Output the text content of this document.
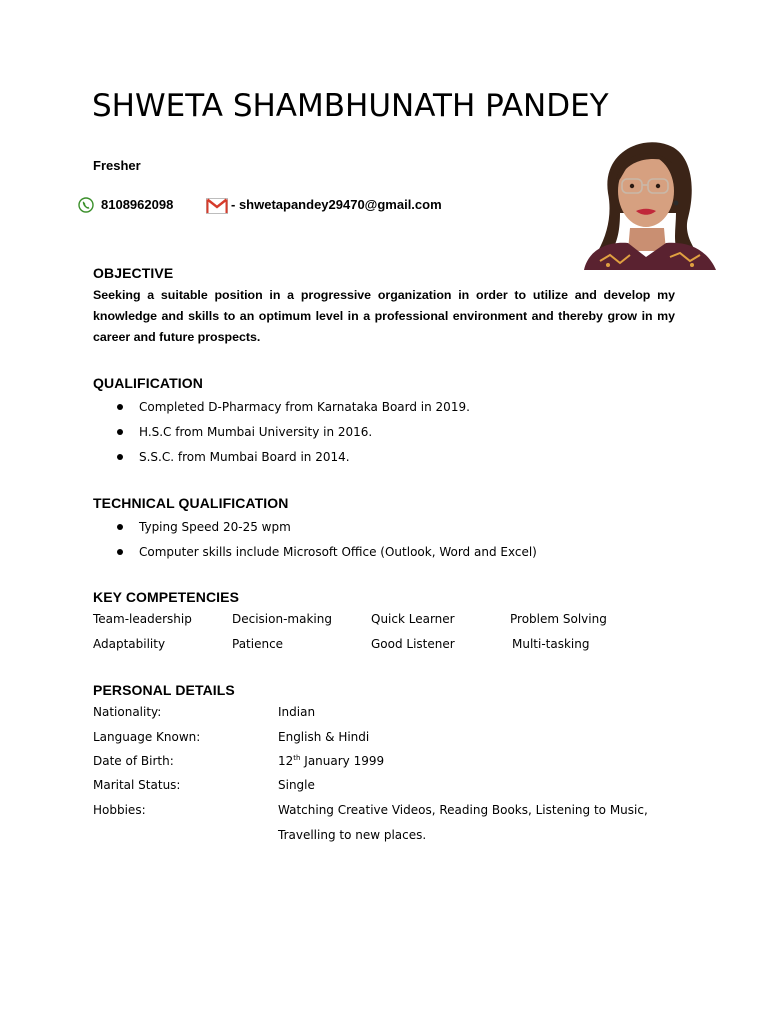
SHWETA SHAMBHUNATH PANDEY
Fresher
8108962098	- shwetapandey29470@gmail.com
OBJECTIVE
Seeking a suitable position in a progressive organization in order to utilize and develop my knowledge and skills to an optimum level in a professional environment and thereby grow in my career and future prospects.
QUALIFICATION
Completed D-Pharmacy from Karnataka Board in 2019.
H.S.C from Mumbai University in 2016.
S.S.C. from Mumbai Board in 2014.
TECHNICAL QUALIFICATION
Typing Speed 20-25 wpm
Computer skills include Microsoft Office (Outlook, Word and Excel)
KEY COMPETENCIES
Team-leadership	Decision-making	Quick Learner	Problem Solving
Adaptability	Patience	Good Listener	Multi-tasking
PERSONAL DETAILS
Nationality:	Indian
Language Known:	English & Hindi
Date of Birth:	12th January 1999
Marital Status:	Single
Hobbies:	Watching Creative Videos, Reading Books, Listening to Music,
Travelling to new places.
